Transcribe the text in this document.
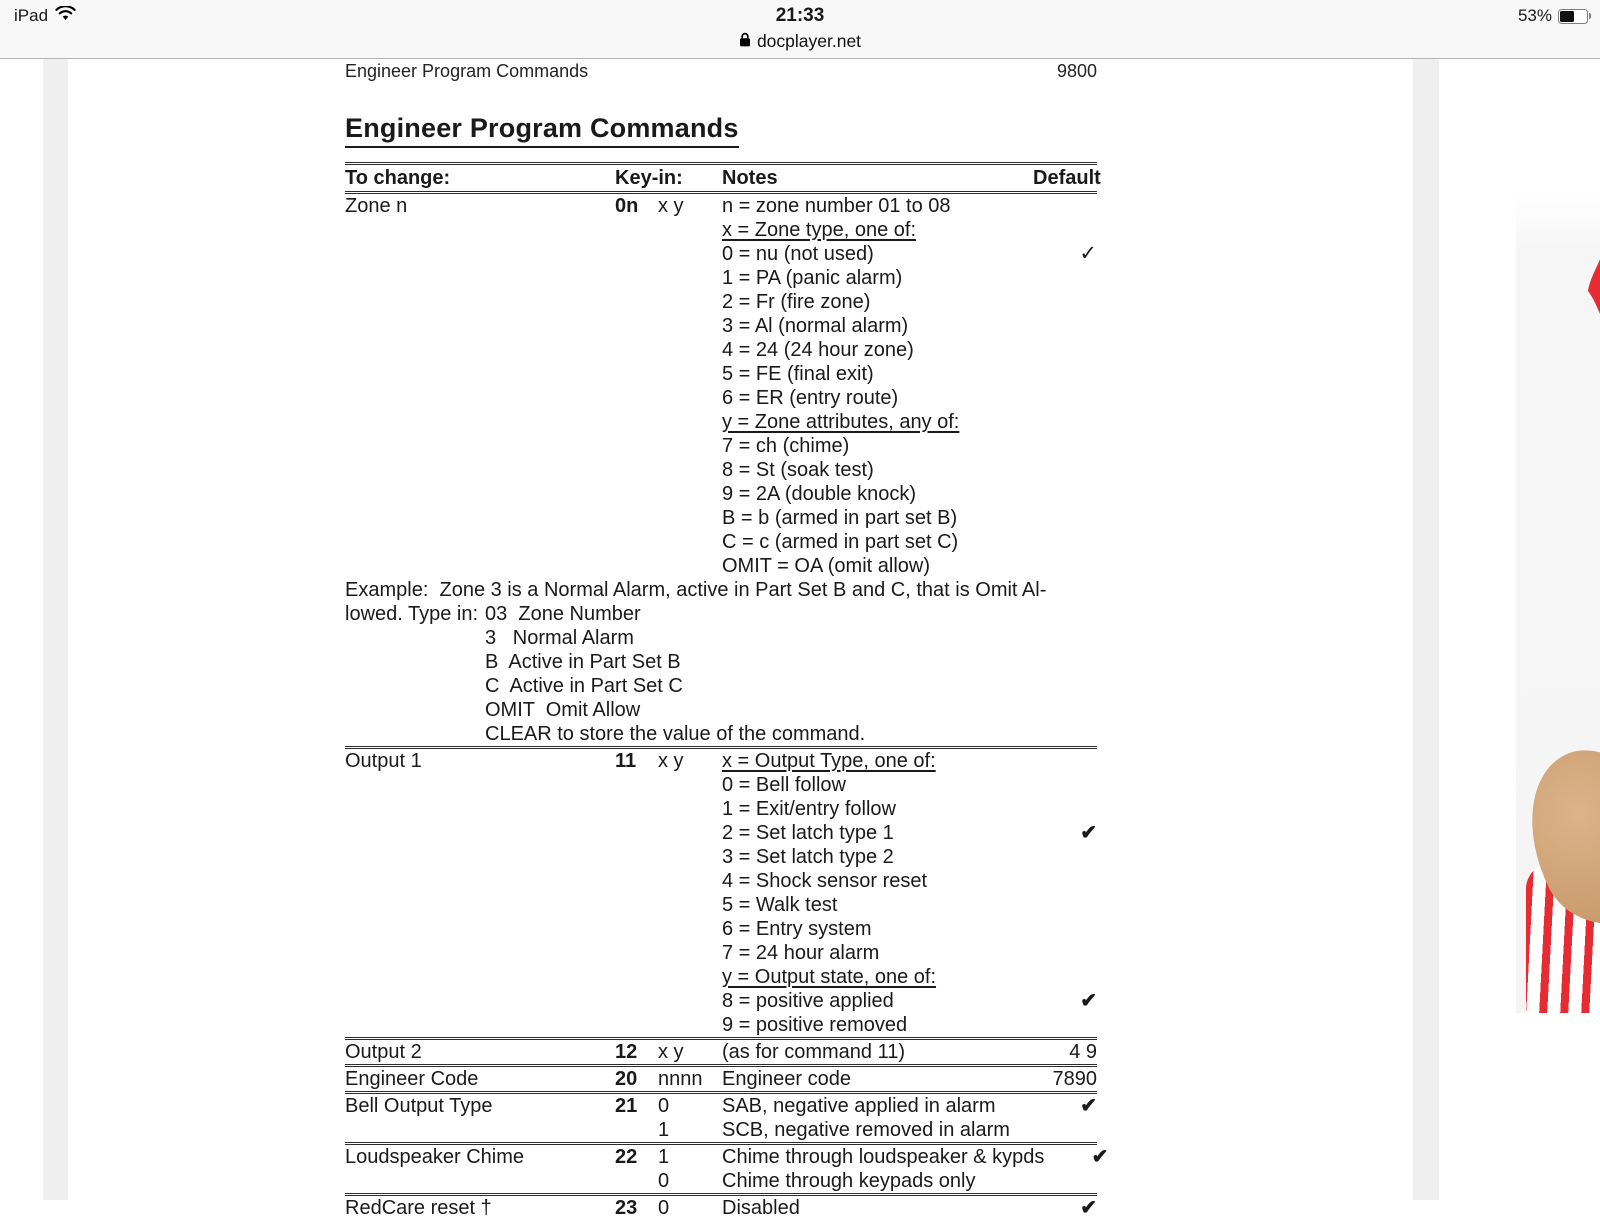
iPad	21:33	53%
docplayer.net
Engineer Program Commands	9800
Engineer Program Commands
To change:	Key-in:	Notes	Default
Zone n	0n x y	n = zone number 01 to 08
x = Zone type, one of:
0 = nu (not used)	✓
1 = PA (panic alarm)
2 = Fr (fire zone)
3 = Al (normal alarm)
4 = 24 (24 hour zone)
5 = FE (final exit)
6 = ER (entry route)
y = Zone attributes, any of:
7 = ch (chime)
8 = St (soak test)
9 = 2A (double knock)
B = b (armed in part set B)
C = c (armed in part set C)
OMIT = OA (omit allow)
Example:  Zone 3 is a Normal Alarm, active in Part Set B and C, that is Omit Al-
lowed. Type in: 03  Zone Number
3   Normal Alarm
B  Active in Part Set B
C  Active in Part Set C
OMIT  Omit Allow
CLEAR to store the value of the command.
Output 1	11	x y	x = Output Type, one of:
0 = Bell follow
1 = Exit/entry follow
2 = Set latch type 1	✔
3 = Set latch type 2
4 = Shock sensor reset
5 = Walk test
6 = Entry system
7 = 24 hour alarm
y = Output state, one of:
8 = positive applied	✔
9 = positive removed
Output 2	12	x y	(as for command 11)	4 9
Engineer Code	20	nnnn Engineer code	7890
Bell Output Type	21	0	SAB, negative applied in alarm	✔
1	SCB, negative removed in alarm
Loudspeaker Chime	22	1	Chime through loudspeaker & kypds	✔
0	Chime through keypads only
RedCare reset †	23	0	Disabled	✔
